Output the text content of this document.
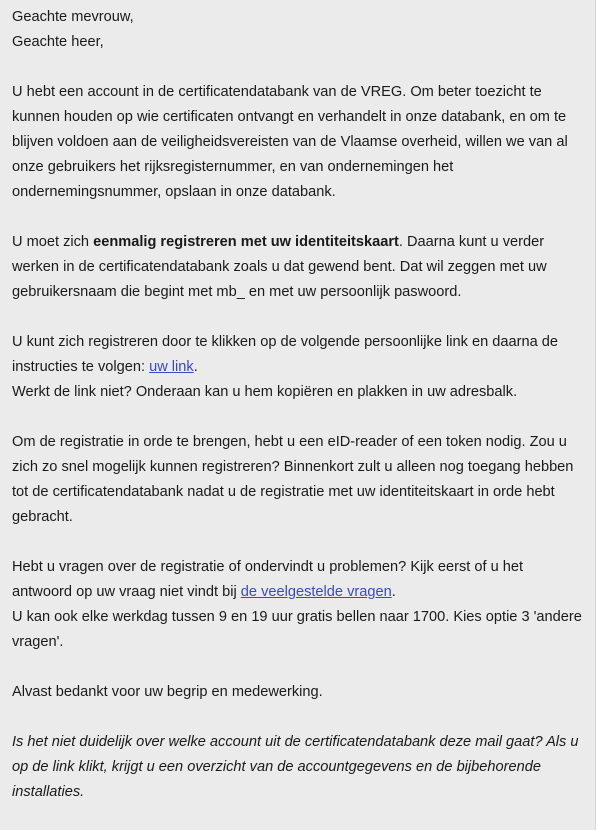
Geachte mevrouw,
Geachte heer,

U hebt een account in de certificatendatabank van de VREG. Om beter toezicht te kunnen houden op wie certificaten ontvangt en verhandelt in onze databank, en om te blijven voldoen aan de veiligheidsvereisten van de Vlaamse overheid, willen we van al onze gebruikers het rijksregisternummer, en van ondernemingen het ondernemingsnummer, opslaan in onze databank.

U moet zich eenmalig registreren met uw identiteitskaart. Daarna kunt u verder werken in de certificatendatabank zoals u dat gewend bent. Dat wil zeggen met uw gebruikersnaam die begint met mb_ en met uw persoonlijk paswoord.

U kunt zich registreren door te klikken op de volgende persoonlijke link en daarna de instructies te volgen: uw link.
Werkt de link niet? Onderaan kan u hem kopiëren en plakken in uw adresbalk.

Om de registratie in orde te brengen, hebt u een eID-reader of een token nodig. Zou u zich zo snel mogelijk kunnen registreren? Binnenkort zult u alleen nog toegang hebben tot de certificatendatabank nadat u de registratie met uw identiteitskaart in orde hebt gebracht.

Hebt u vragen over de registratie of ondervindt u problemen? Kijk eerst of u het antwoord op uw vraag niet vindt bij de veelgestelde vragen.
U kan ook elke werkdag tussen 9 en 19 uur gratis bellen naar 1700. Kies optie 3 'andere vragen'.

Alvast bedankt voor uw begrip en medewerking.

Is het niet duidelijk over welke account uit de certificatendatabank deze mail gaat? Als u op de link klikt, krijgt u een overzicht van de accountgegevens en de bijbehorende installaties.
